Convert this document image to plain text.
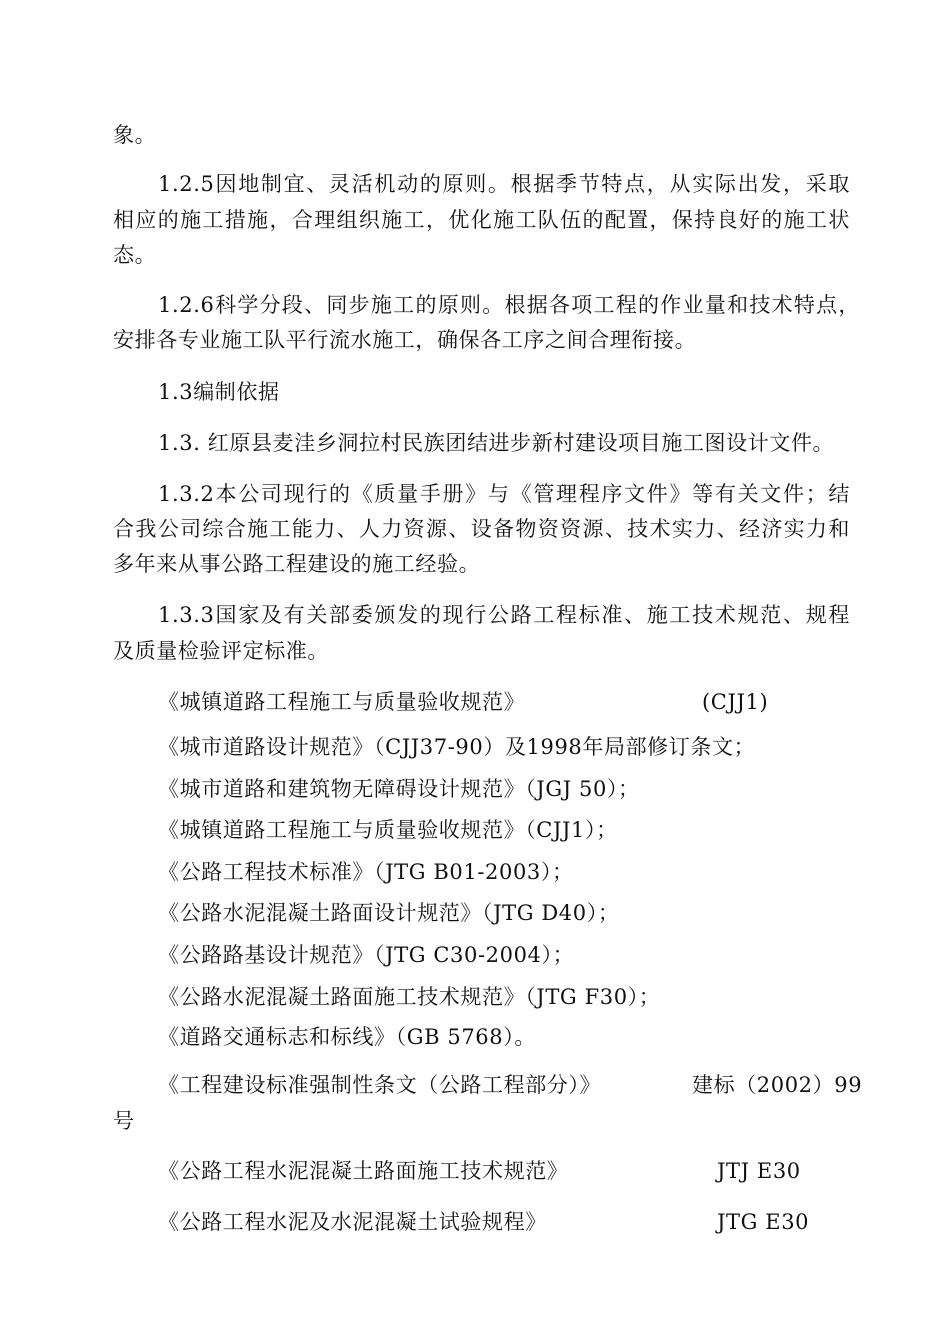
象。
1.2.5因地制宜、灵活机动的原则。根据季节特点，从实际出发，采取
相应的施工措施，合理组织施工，优化施工队伍的配置，保持良好的施工状
态。
1.2.6科学分段、同步施工的原则。根据各项工程的作业量和技术特点，
安排各专业施工队平行流水施工，确保各工序之间合理衔接。
1.3编制依据
1.3. 红原县麦洼乡洞拉村民族团结进步新村建设项目施工图设计文件。
1.3.2本公司现行的《质量手册》与《管理程序文件》等有关文件；结
合我公司综合施工能力、人力资源、设备物资资源、技术实力、经济实力和
多年来从事公路工程建设的施工经验。
1.3.3国家及有关部委颁发的现行公路工程标准、施工技术规范、规程
及质量检验评定标准。
《城镇道路工程施工与质量验收规范》	(CJJ1)
《城市道路设计规范》（CJJ37-90）及1998年局部修订条文；
《城市道路和建筑物无障碍设计规范》（JGJ 50）；
《城镇道路工程施工与质量验收规范》（CJJ1）；
《公路工程技术标准》（JTG B01-2003）；
《公路水泥混凝土路面设计规范》（JTG D40）；
《公路路基设计规范》（JTG C30-2004）；
《公路水泥混凝土路面施工技术规范》（JTG F30）；
《道路交通标志和标线》（GB 5768）。
《工程建设标准强制性条文（公路工程部分）》	建标（2002）99
号
《公路工程水泥混凝土路面施工技术规范》	JTJ E30
《公路工程水泥及水泥混凝土试验规程》	JTG E30
